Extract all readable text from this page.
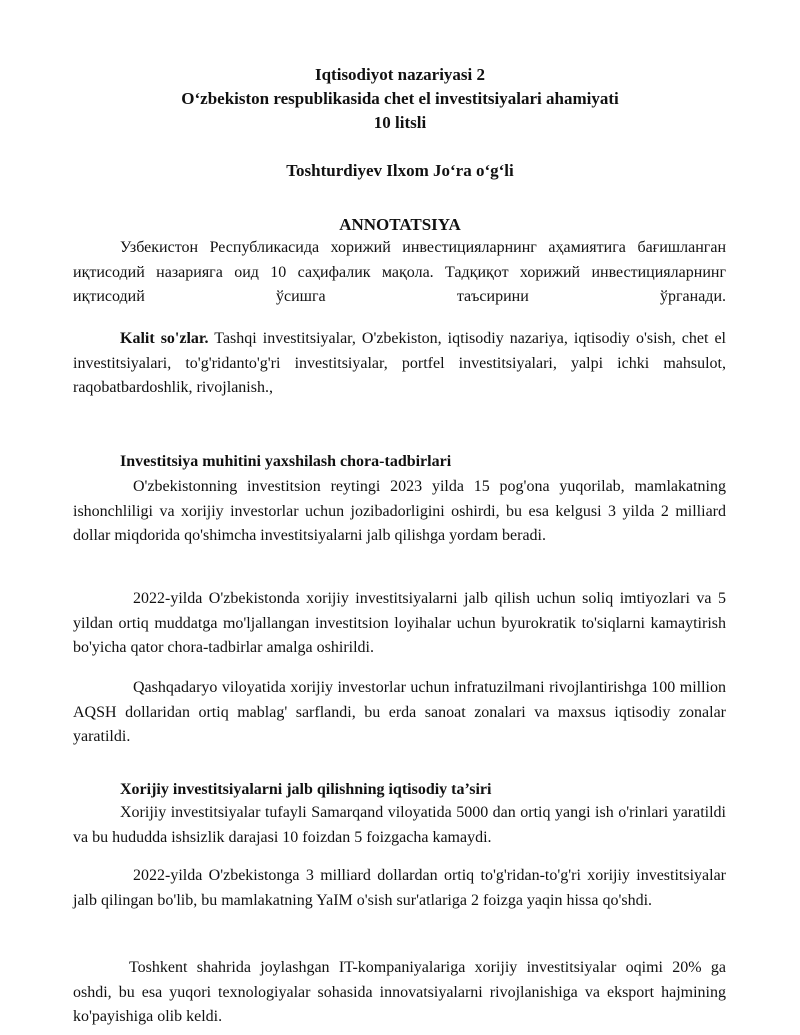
Iqtisodiyot nazariyasi 2
Oʻzbekiston respublikasida chet el investitsiyalari ahamiyati
10 litsli
Toshturdiyev Ilxom Joʻra oʻgʻli
ANNOTATSIYA
Узбекистон Республикасида хорижий инвестицияларнинг аҳамиятига бағишланган иқтисодий назарияга оид 10 саҳифалик мақола. Тадқиқот хорижий инвестицияларнинг иқтисодий ўсишга таъсирини ўрганади.
Kalit so'zlar. Tashqi investitsiyalar, O'zbekiston, iqtisodiy nazariya, iqtisodiy o'sish, chet el investitsiyalari, to'g'ridanto'g'ri investitsiyalar, portfel investitsiyalari, yalpi ichki mahsulot, raqobatbardoshlik, rivojlanish.,
Investitsiya muhitini yaxshilash chora-tadbirlari
O'zbekistonning investitsion reytingi 2023 yilda 15 pog'ona yuqorilab, mamlakatning ishonchliligi va xorijiy investorlar uchun jozibadorligini oshirdi, bu esa kelgusi 3 yilda 2 milliard dollar miqdorida qo'shimcha investitsiyalarni jalb qilishga yordam beradi.
2022-yilda O'zbekistonda xorijiy investitsiyalarni jalb qilish uchun soliq imtiyozlari va 5 yildan ortiq muddatga mo'ljallangan investitsion loyihalar uchun byurokratik to'siqlarni kamaytirish bo'yicha qator chora-tadbirlar amalga oshirildi.
Qashqadaryo viloyatida xorijiy investorlar uchun infratuzilmani rivojlantirishga 100 million AQSH dollaridan ortiq mablag' sarflandi, bu erda sanoat zonalari va maxsus iqtisodiy zonalar yaratildi.
Xorijiy investitsiyalarni jalb qilishning iqtisodiy ta’siri
Xorijiy investitsiyalar tufayli Samarqand viloyatida 5000 dan ortiq yangi ish o'rinlari yaratildi va bu hududda ishsizlik darajasi 10 foizdan 5 foizgacha kamaydi.
2022-yilda O'zbekistonga 3 milliard dollardan ortiq to'g'ridan-to'g'ri xorijiy investitsiyalar jalb qilingan bo'lib, bu mamlakatning YaIM o'sish sur'atlariga 2 foizga yaqin hissa qo'shdi.
Toshkent shahrida joylashgan IT-kompaniyalariga xorijiy investitsiyalar oqimi 20% ga oshdi, bu esa yuqori texnologiyalar sohasida innovatsiyalarni rivojlanishiga va eksport hajmining ko'payishiga olib keldi.
